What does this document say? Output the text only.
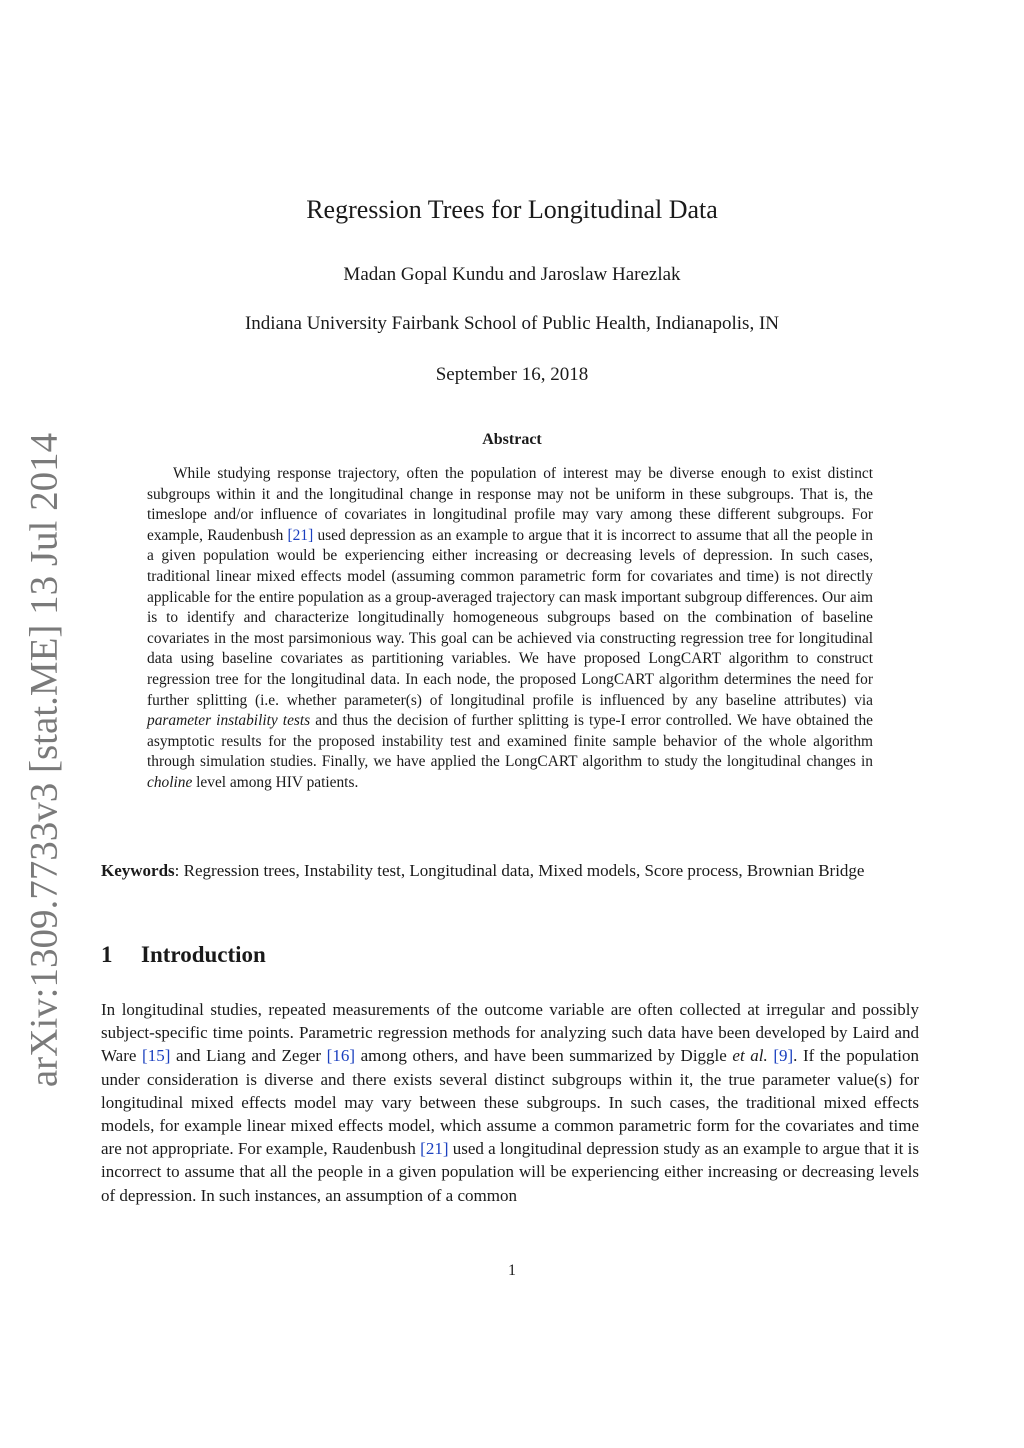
arXiv:1309.7733v3 [stat.ME] 13 Jul 2014
Regression Trees for Longitudinal Data
Madan Gopal Kundu and Jaroslaw Harezlak
Indiana University Fairbank School of Public Health, Indianapolis, IN
September 16, 2018
Abstract

While studying response trajectory, often the population of interest may be diverse enough to exist distinct subgroups within it and the longitudinal change in response may not be uniform in these subgroups. That is, the timeslope and/or influence of covariates in longitudinal profile may vary among these different subgroups. For example, Raudenbush [21] used depression as an example to argue that it is incorrect to assume that all the people in a given population would be experiencing either increasing or decreasing levels of depression. In such cases, traditional linear mixed effects model (assuming common parametric form for covariates and time) is not directly applicable for the entire population as a group-averaged trajectory can mask important subgroup differences. Our aim is to identify and characterize longitudinally homogeneous subgroups based on the combination of baseline covariates in the most parsimonious way. This goal can be achieved via constructing regression tree for longitudinal data using baseline covariates as partitioning variables. We have proposed LongCART algorithm to construct regression tree for the longitudinal data. In each node, the proposed LongCART algorithm determines the need for further splitting (i.e. whether parameter(s) of longitudinal profile is influenced by any baseline attributes) via parameter instability tests and thus the decision of further splitting is type-I error controlled. We have obtained the asymptotic results for the proposed instability test and examined finite sample behavior of the whole algorithm through simulation studies. Finally, we have applied the LongCART algorithm to study the longitudinal changes in choline level among HIV patients.

Keywords: Regression trees, Instability test, Longitudinal data, Mixed models, Score process, Brownian Bridge

1 Introduction

In longitudinal studies, repeated measurements of the outcome variable are often collected at irregular and possibly subject-specific time points. Parametric regression methods for analyzing such data have been developed by Laird and Ware [15] and Liang and Zeger [16] among others, and have been summarized by Diggle et al. [9]. If the population under consideration is diverse and there exists several distinct subgroups within it, the true parameter value(s) for longitudinal mixed effects model may vary between these subgroups. In such cases, the traditional mixed effects models, for example linear mixed effects model, which assume a common parametric form for the covariates and time are not appropriate. For example, Raudenbush [21] used a longitudinal depression study as an example to argue that it is incorrect to assume that all the people in a given population will be experiencing either increasing or decreasing levels of depression. In such instances, an assumption of a common

1
